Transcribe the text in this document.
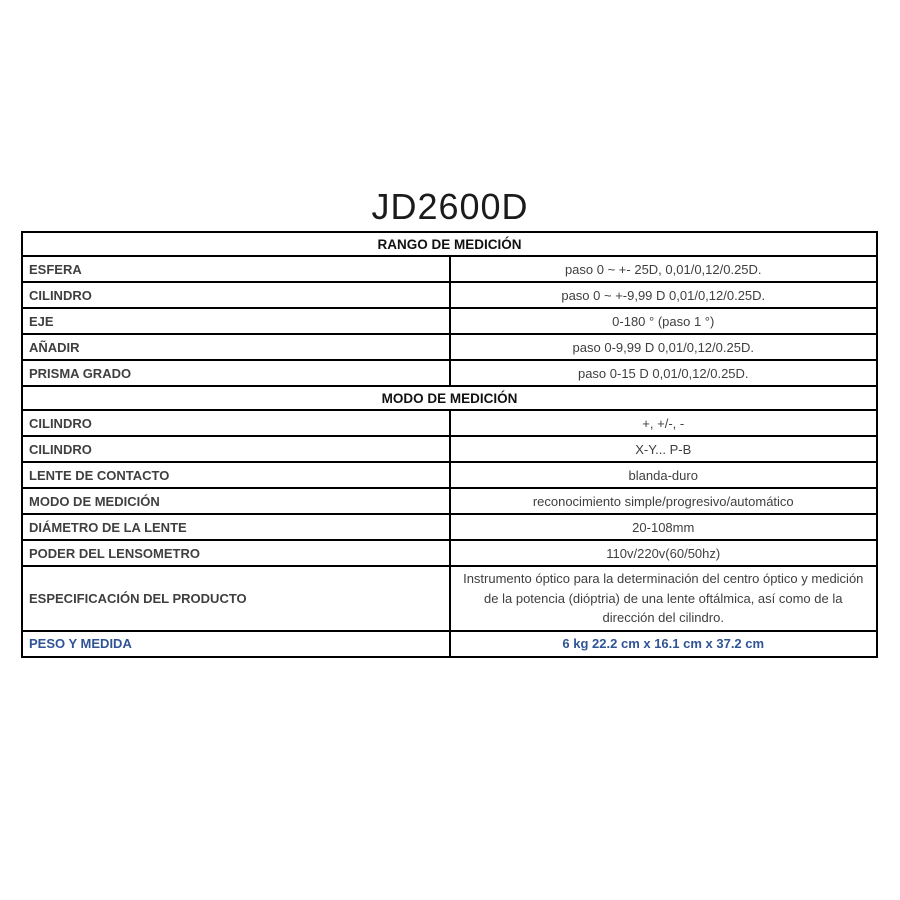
JD2600D
RANGO DE MEDICIÓN	
ESFERA	paso 0 ~ +- 25D, 0,01/0,12/0.25D.
CILINDRO	paso 0 ~ +-9,99 D 0,01/0,12/0.25D.
EJE	0-180 ° (paso 1 °)
AÑADIR	paso 0-9,99 D 0,01/0,12/0.25D.
PRISMA GRADO	paso 0-15 D 0,01/0,12/0.25D.
MODO DE MEDICIÓN	
CILINDRO	+, +/-, -
CILINDRO	X-Y... P-B
LENTE DE CONTACTO	blanda-duro
MODO DE MEDICIÓN	reconocimiento simple/progresivo/automático
DIÁMETRO DE LA LENTE	20-108mm
PODER DEL LENSOMETRO	110v/220v(60/50hz)
ESPECIFICACIÓN DEL PRODUCTO	Instrumento óptico para la determinación del centro óptico y medición de la potencia (dióptria) de una lente oftálmica, así como de la dirección del cilindro.
PESO Y MEDIDA	6 kg 22.2 cm x 16.1 cm x 37.2 cm
